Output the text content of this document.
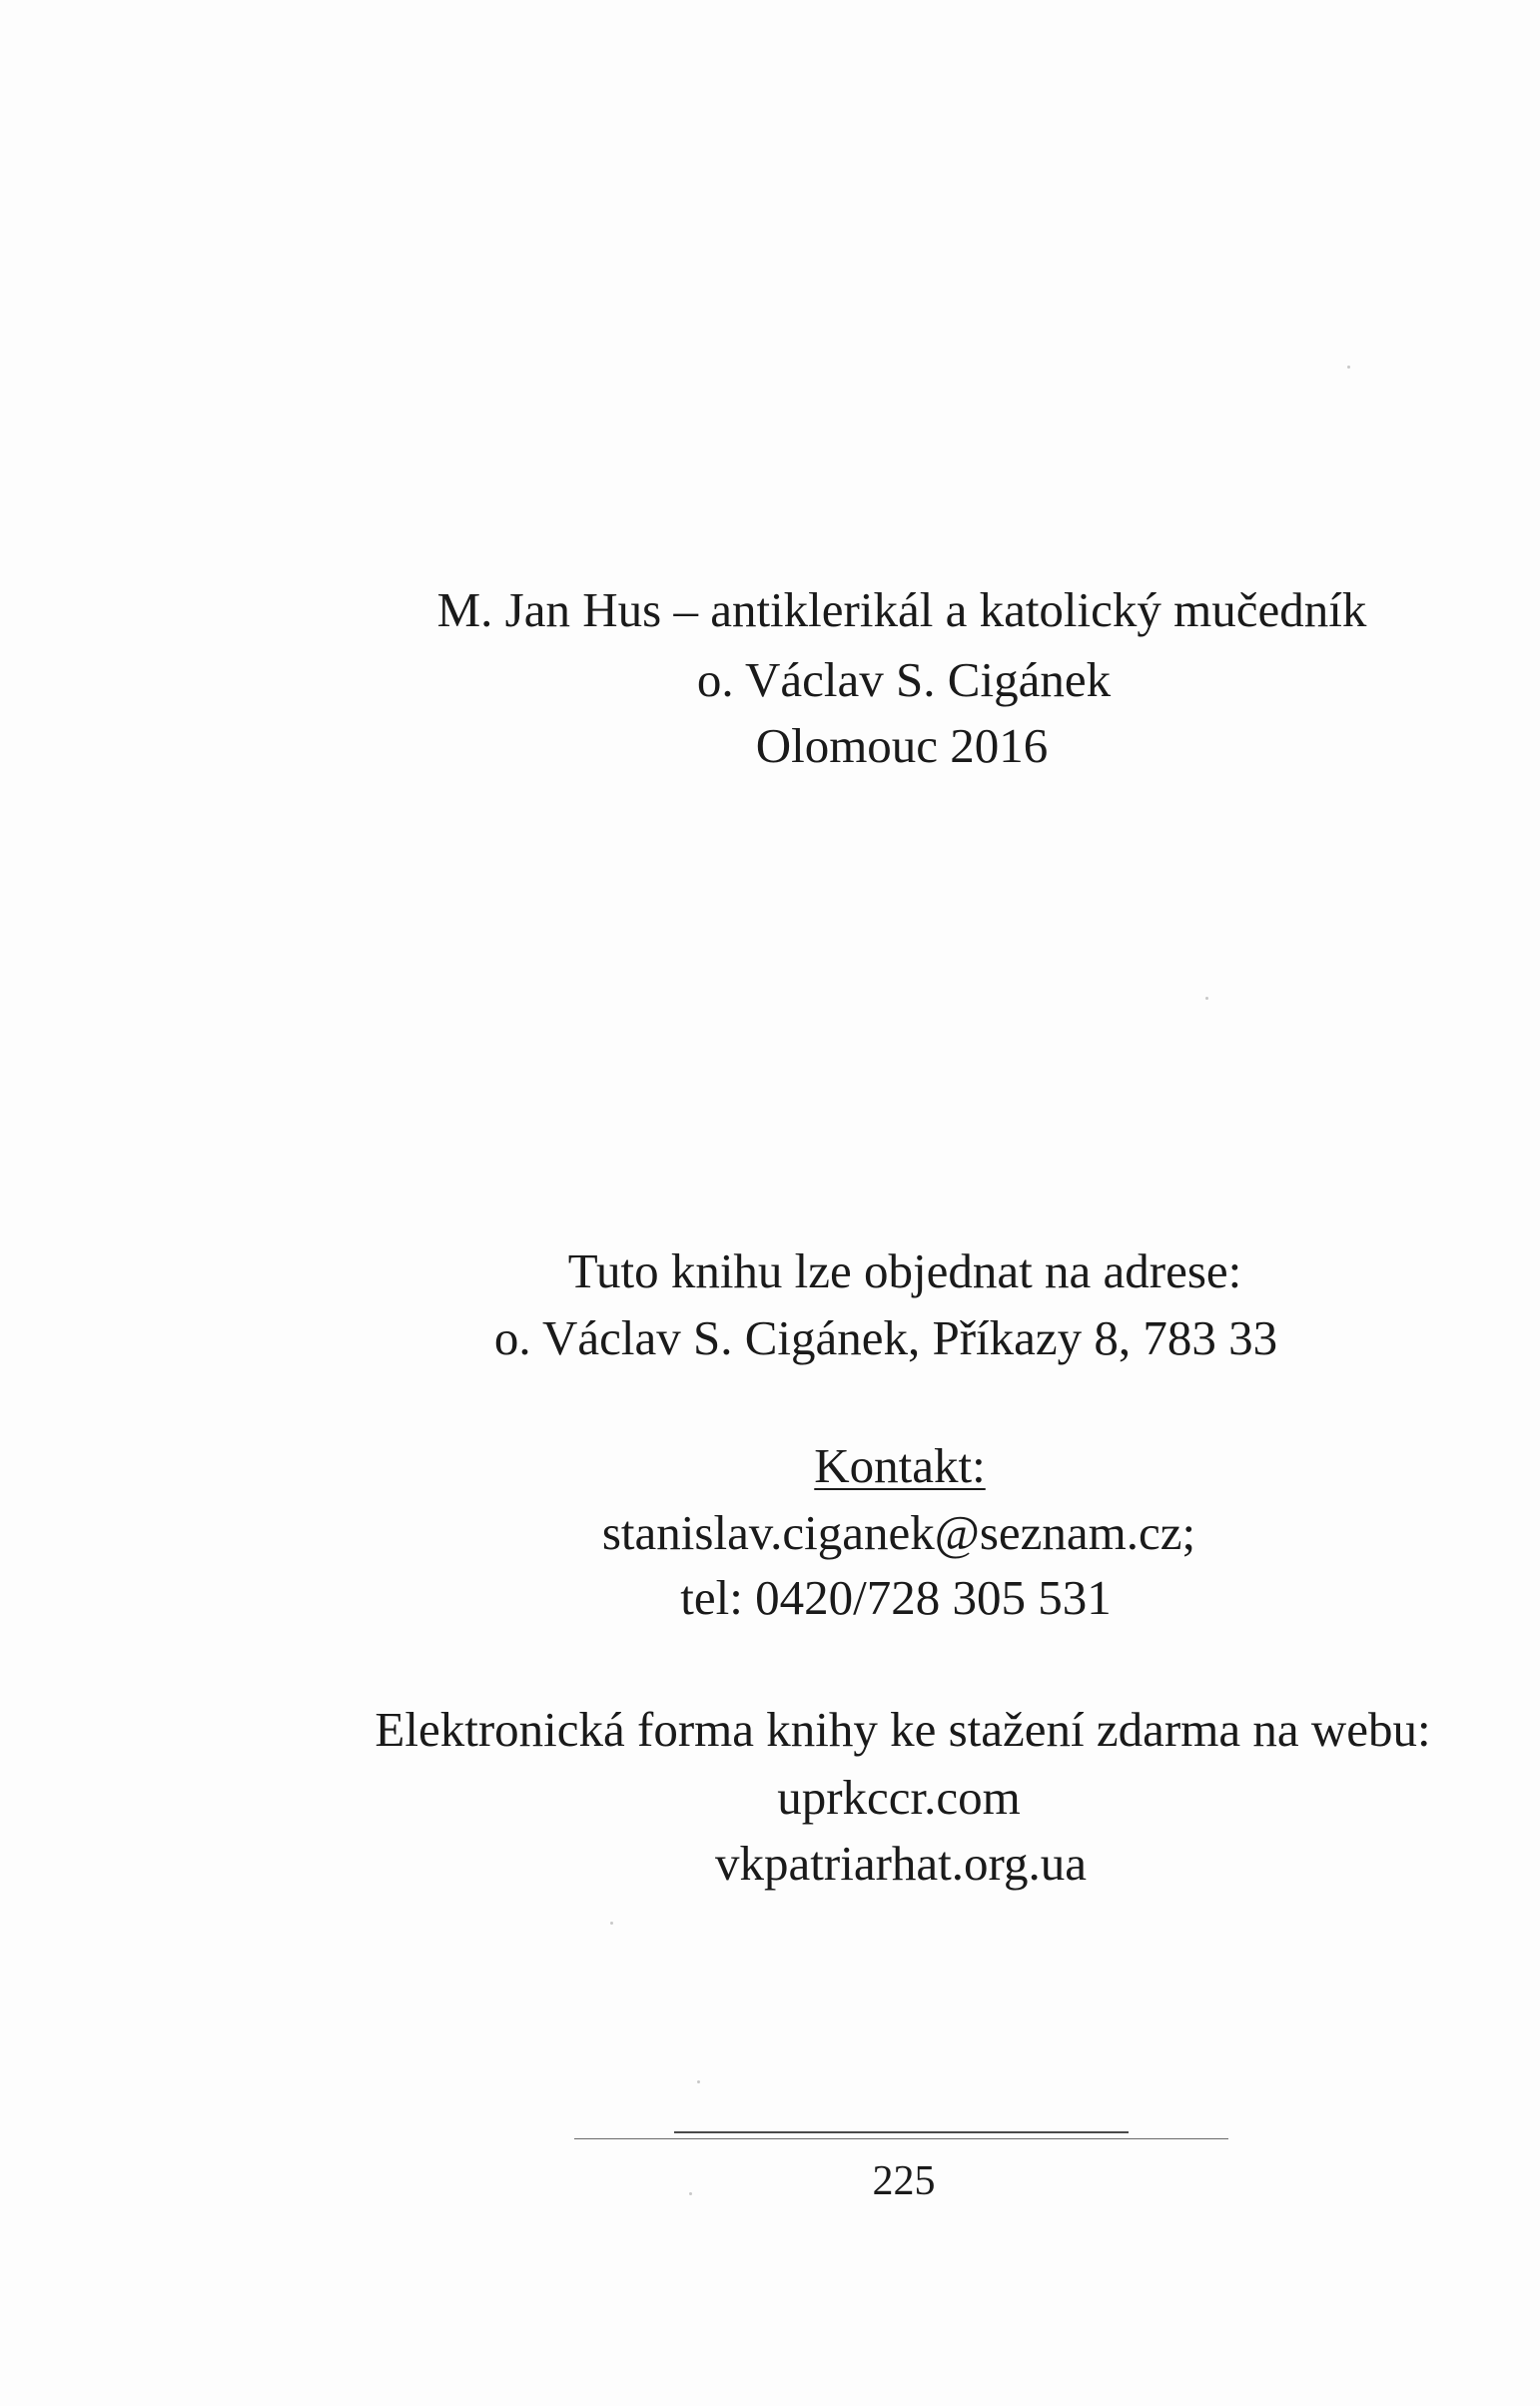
M. Jan Hus – antiklerikál a katolický mučedník
o. Václav S. Cigánek
Olomouc 2016
Tuto knihu lze objednat na adrese:
o. Václav S. Cigánek, Příkazy 8, 783 33
Kontakt:
stanislav.ciganek@seznam.cz;
tel: 0420/728 305 531
Elektronická forma knihy ke stažení zdarma na webu:
uprkccr.com
vkpatriarhat.org.ua
225
